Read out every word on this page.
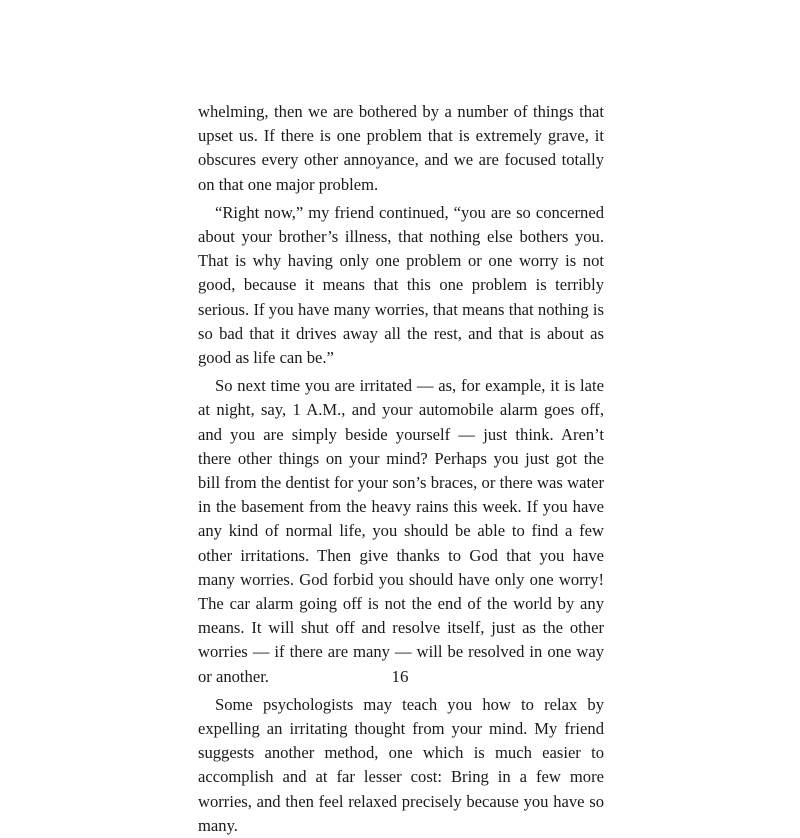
whelming, then we are bothered by a number of things that upset us. If there is one problem that is extremely grave, it obscures every other annoyance, and we are focused totally on that one major problem.

“Right now,” my friend continued, “you are so concerned about your brother’s illness, that nothing else bothers you. That is why having only one problem or one worry is not good, because it means that this one problem is terribly serious. If you have many worries, that means that nothing is so bad that it drives away all the rest, and that is about as good as life can be.”

So next time you are irritated — as, for example, it is late at night, say, 1 A.M., and your automobile alarm goes off, and you are simply beside yourself — just think. Aren’t there other things on your mind? Perhaps you just got the bill from the dentist for your son’s braces, or there was water in the basement from the heavy rains this week. If you have any kind of normal life, you should be able to find a few other irritations. Then give thanks to God that you have many worries. God forbid you should have only one worry! The car alarm going off is not the end of the world by any means. It will shut off and resolve itself, just as the other worries — if there are many — will be resolved in one way or another.

Some psychologists may teach you how to relax by expelling an irritating thought from your mind. My friend suggests another method, one which is much easier to accomplish and at far lesser cost: Bring in a few more worries, and then feel relaxed precisely because you have so many.

16
